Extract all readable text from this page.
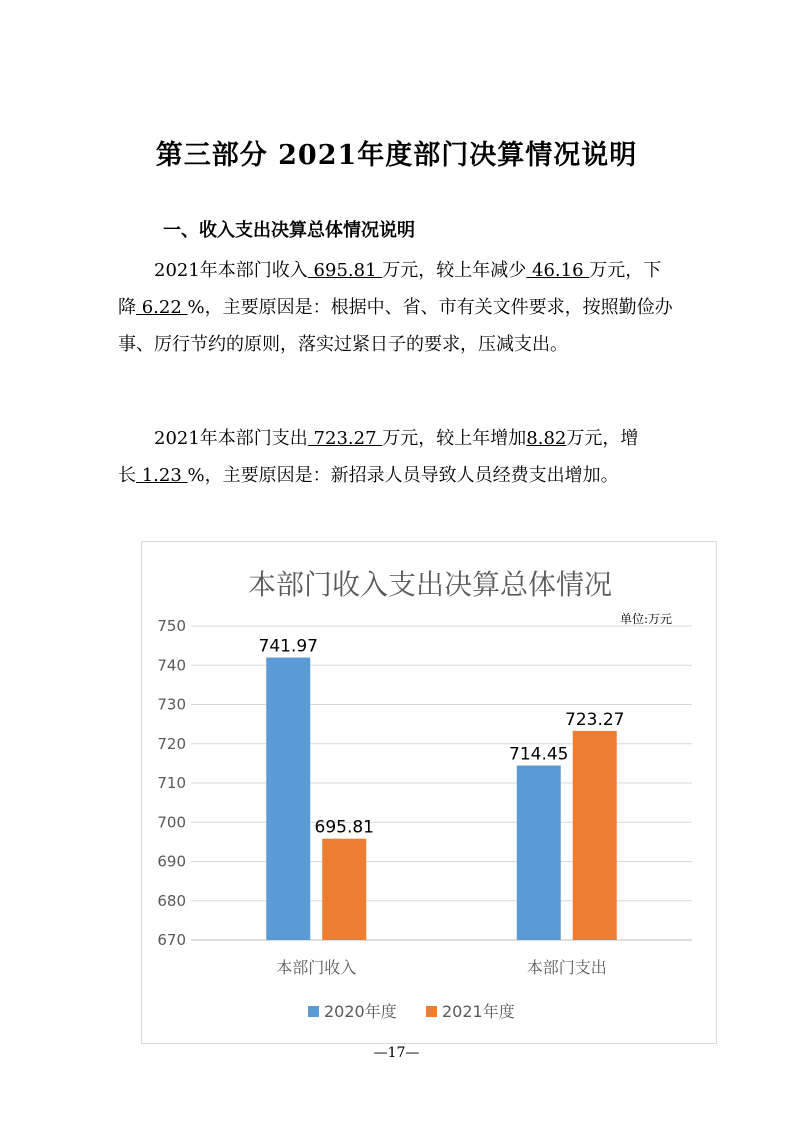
第三部分 2021年度部门决算情况说明
一、收入支出决算总体情况说明

2021年本部门收入 695.81 万元，较上年减少 46.16 万元，下降 6.22 %，主要原因是：根据中、省、市有关文件要求，按照勤俭办事、厉行节约的原则，落实过紧日子的要求，压减支出。

2021年本部门支出 723.27 万元，较上年增加8.82万元，增长 1.23 %，主要原因是：新招录人员导致人员经费支出增加。

本部门收入支出决算总体情况
单位:万元
670
680
690
700
710
720
730
740
750
741.97
695.81
本部门收入
714.45
723.27
本部门支出
2020年度	2021年度
—17—
